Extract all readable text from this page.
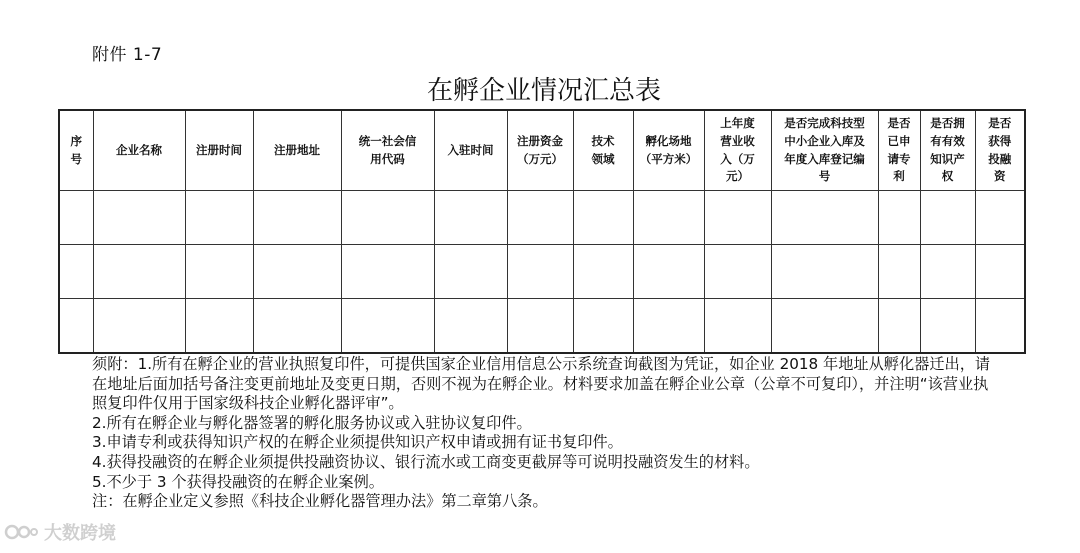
附件 1-7
在孵企业情况汇总表
序号	企业名称	注册时间	注册地址	统一社会信用代码	入驻时间	注册资金（万元）	技术领域	孵化场地（平方米）	上年度营业收入（万元）	是否完成科技型中小企业入库及年度入库登记编号	是否已申请专利	是否拥有有效知识产权	是否获得投融资

须附：1.所有在孵企业的营业执照复印件，可提供国家企业信用信息公示系统查询截图为凭证，如企业 2018 年地址从孵化器迁出，请在地址后面加括号备注变更前地址及变更日期，否则不视为在孵企业。材料要求加盖在孵企业公章（公章不可复印），并注明“该营业执照复印件仅用于国家级科技企业孵化器评审”。

2.所有在孵企业与孵化器签署的孵化服务协议或入驻协议复印件。

3.申请专利或获得知识产权的在孵企业须提供知识产权申请或拥有证书复印件。

4.获得投融资的在孵企业须提供投融资协议、银行流水或工商变更截屏等可说明投融资发生的材料。

5.不少于 3 个获得投融资的在孵企业案例。

注：在孵企业定义参照《科技企业孵化器管理办法》第二章第八条。

大数跨境
